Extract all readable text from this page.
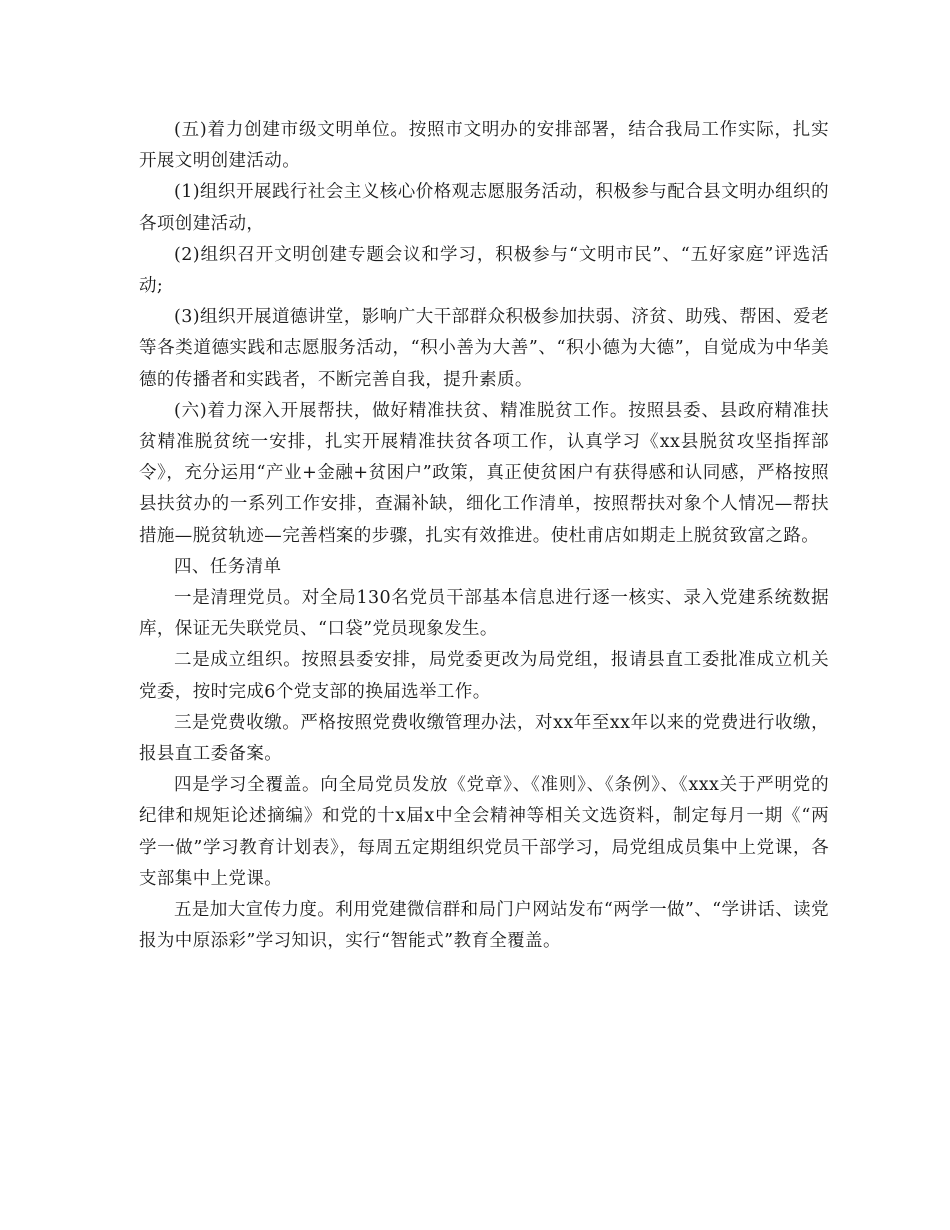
(五)着力创建市级文明单位。按照市文明办的安排部署，结合我局工作实际，扎实开展文明创建活动。

(1)组织开展践行社会主义核心价格观志愿服务活动，积极参与配合县文明办组织的各项创建活动，

(2)组织召开文明创建专题会议和学习，积极参与“文明市民”、“五好家庭”评选活动;

(3)组织开展道德讲堂，影响广大干部群众积极参加扶弱、济贫、助残、帮困、爱老等各类道德实践和志愿服务活动，“积小善为大善”、“积小德为大德”，自觉成为中华美德的传播者和实践者，不断完善自我，提升素质。

(六)着力深入开展帮扶，做好精准扶贫、精准脱贫工作。按照县委、县政府精准扶贫精准脱贫统一安排，扎实开展精准扶贫各项工作，认真学习《xx县脱贫攻坚指挥部令》，充分运用“产业+金融+贫困户”政策，真正使贫困户有获得感和认同感，严格按照县扶贫办的一系列工作安排，查漏补缺，细化工作清单，按照帮扶对象个人情况—帮扶措施—脱贫轨迹—完善档案的步骤，扎实有效推进。使杜甫店如期走上脱贫致富之路。

四、任务清单

一是清理党员。对全局130名党员干部基本信息进行逐一核实、录入党建系统数据库，保证无失联党员、“口袋”党员现象发生。

二是成立组织。按照县委安排，局党委更改为局党组，报请县直工委批准成立机关党委，按时完成6个党支部的换届选举工作。

三是党费收缴。严格按照党费收缴管理办法，对xx年至xx年以来的党费进行收缴，报县直工委备案。

四是学习全覆盖。向全局党员发放《党章》、《准则》、《条例》、《xxx关于严明党的纪律和规矩论述摘编》和党的十x届x中全会精神等相关文选资料，制定每月一期《“两学一做”学习教育计划表》，每周五定期组织党员干部学习，局党组成员集中上党课，各支部集中上党课。

五是加大宣传力度。利用党建微信群和局门户网站发布“两学一做”、“学讲话、读党报为中原添彩”学习知识，实行“智能式”教育全覆盖。
